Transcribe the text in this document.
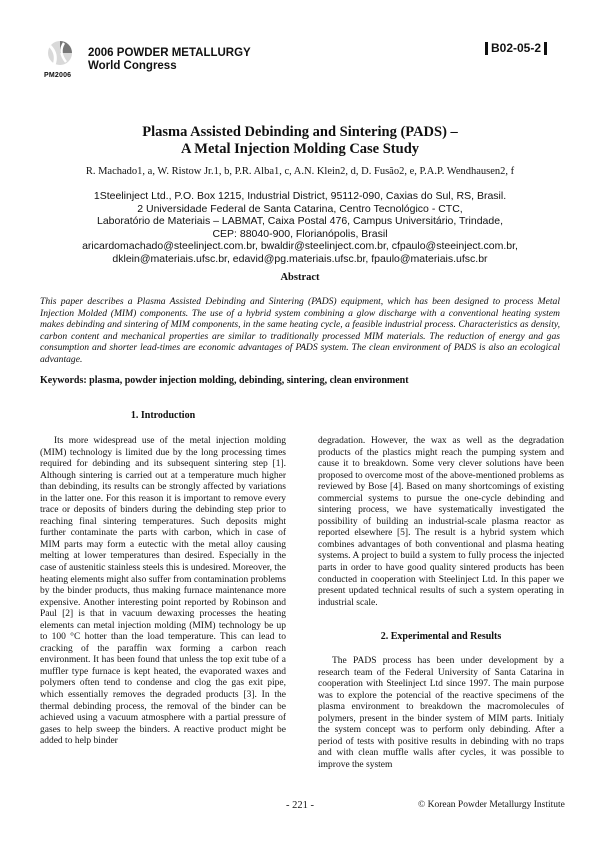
2006 POWDER METALLURGY
World Congress
PM2006
B02-05-2
Plasma Assisted Debinding and Sintering (PADS) –
A Metal Injection Molding Case Study
R. Machado1, a, W. Ristow Jr.1, b, P.R. Alba1, c, A.N. Klein2, d, D. Fusão2, e, P.A.P. Wendhausen2, f
1Steelinject Ltd., P.O. Box 1215, Industrial District, 95112-090, Caxias do Sul, RS, Brasil.
2 Universidade Federal de Santa Catarina, Centro Tecnológico - CTC,
Laboratório de Materiais – LABMAT, Caixa Postal 476, Campus Universitário, Trindade,
CEP: 88040-900, Florianópolis, Brasil
aricardomachado@steelinject.com.br, bwaldir@steelinject.com.br, cfpaulo@steeinject.com.br,
dklein@materiais.ufsc.br, edavid@pg.materiais.ufsc.br, fpaulo@materiais.ufsc.br
Abstract
This paper describes a Plasma Assisted Debinding and Sintering (PADS) equipment, which has been designed to process Metal Injection Molded (MIM) components. The use of a hybrid system combining a glow discharge with a conventional heating system makes debinding and sintering of MIM components, in the same heating cycle, a feasible industrial process. Characteristics as density, carbon content and mechanical properties are similar to traditionally processed MIM materials. The reduction of energy and gas consumption and shorter lead-times are economic advantages of PADS system. The clean environment of PADS is also an ecological advantage.
Keywords: plasma, powder injection molding, debinding, sintering, clean environment
1. Introduction

Its more widespread use of the metal injection molding (MIM) technology is limited due by the long processing times required for debinding and its subsequent sintering step [1]. Although sintering is carried out at a temperature much higher than debinding, its results can be strongly affected by variations in the latter one. For this reason it is important to remove every trace or deposits of binders during the debinding step prior to reaching final sintering temperatures. Such deposits might further contaminate the parts with carbon, which in case of MIM parts may form a eutectic with the metal alloy causing melting at lower temperatures than desired. Especially in the case of austenitic stainless steels this is undesired. Moreover, the heating elements might also suffer from contamination problems by the binder products, thus making furnace maintenance more expensive. Another interesting point reported by Robinson and Paul [2] is that in vacuum dewaxing processes the heating elements can metal injection molding (MIM) technology be up to 100 °C hotter than the load temperature. This can lead to cracking of the paraffin wax forming a carbon reach environment. It has been found that unless the top exit tube of a muffler type furnace is kept heated, the evaporated waxes and polymers often tend to condense and clog the gas exit pipe, which essentially removes the degraded products [3]. In the thermal debinding process, the removal of the binder can be achieved using a vacuum atmosphere with a partial pressure of gases to help sweep the binders. A reactive product might be added to help binder

degradation. However, the wax as well as the degradation products of the plastics might reach the pumping system and cause it to breakdown. Some very clever solutions have been proposed to overcome most of the above-mentioned problems as reviewed by Bose [4]. Based on many shortcomings of existing commercial systems to pursue the one-cycle debinding and sintering process, we have systematically investigated the possibility of building an industrial-scale plasma reactor as reported elsewhere [5]. The result is a hybrid system which combines advantages of both conventional and plasma heating systems. A project to build a system to fully process the injected parts in order to have good quality sintered products has been conducted in cooperation with Steelinject Ltd. In this paper we present updated technical results of such a system operating in industrial scale.

2. Experimental and Results

The PADS process has been under development by a research team of the Federal University of Santa Catarina in cooperation with Steelinject Ltd since 1997. The main purpose was to explore the potencial of the reactive specimens of the plasma environment to breakdown the macromolecules of polymers, present in the binder system of MIM parts. Initialy the system concept was to perform only debinding. After a period of tests with positive results in debinding with no traps and with clean muffle walls after cycles, it was possible to improve the system

- 221 -	© Korean Powder Metallurgy Institute
